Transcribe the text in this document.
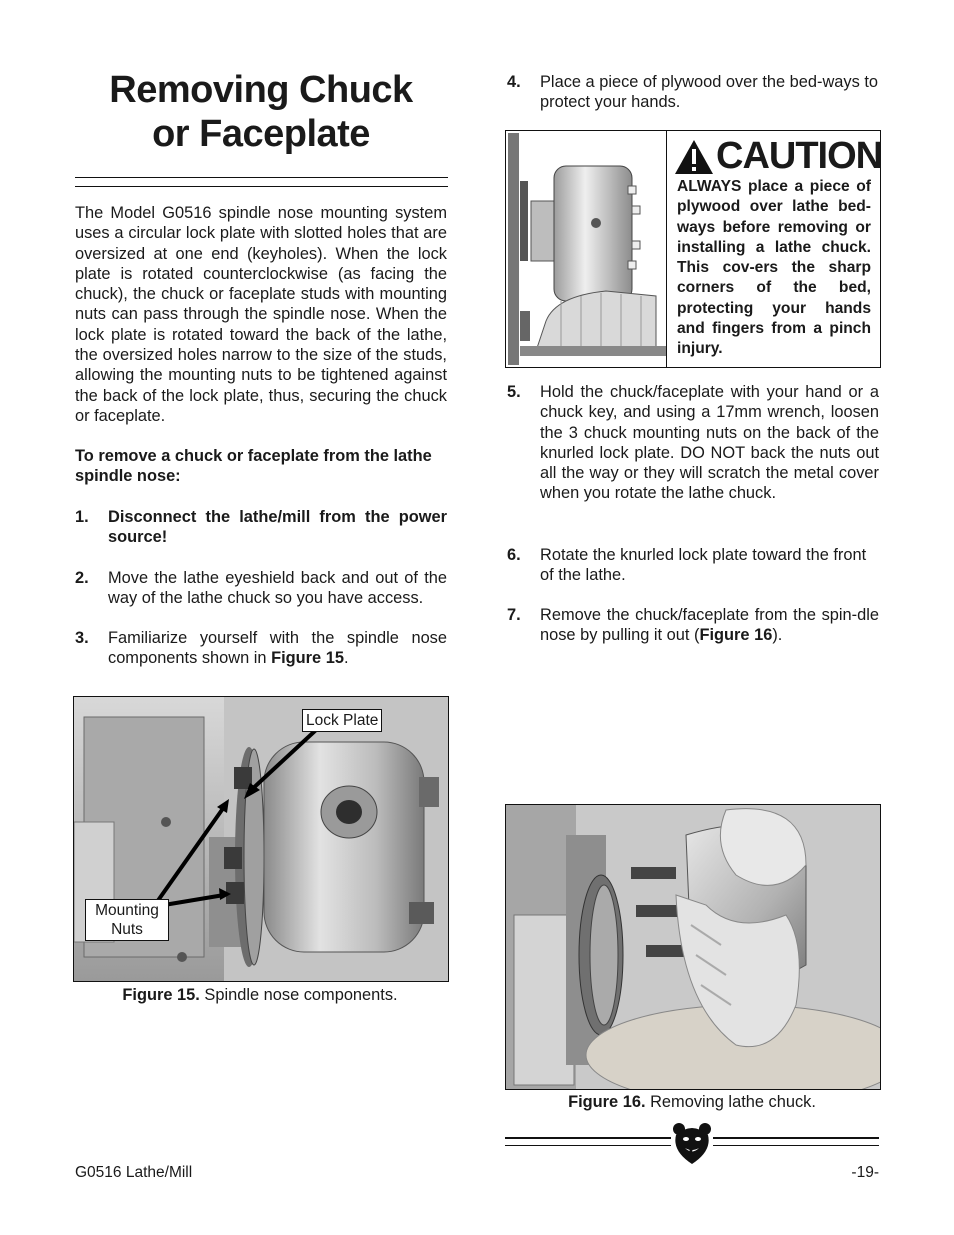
Removing Chuck
or Faceplate
The Model G0516 spindle nose mounting system uses a circular lock plate with slotted holes that are oversized at one end (keyholes). When the lock plate is rotated counterclockwise (as facing the chuck), the chuck or faceplate studs with mounting nuts can pass through the spindle nose. When the lock plate is rotated toward the back of the lathe, the oversized holes narrow to the size of the studs, allowing the mounting nuts to be tightened against the back of the lock plate, thus, securing the chuck or faceplate.
To remove a chuck or faceplate from the lathe spindle nose:
1. Disconnect the lathe/mill from the power source!
2. Move the lathe eyeshield back and out of the way of the lathe chuck so you have access.
3. Familiarize yourself with the spindle nose components shown in Figure 15.
Lock Plate
Mounting
Nuts
Figure 15. Spindle nose components.
4. Place a piece of plywood over the bed-ways to protect your hands.
CAUTION
ALWAYS place a piece of plywood over lathe bed-ways before removing or installing a lathe chuck. This cov-ers the sharp corners of the bed, protecting your hands and fingers from a pinch injury.
5. Hold the chuck/faceplate with your hand or a chuck key, and using a 17mm wrench, loosen the 3 chuck mounting nuts on the back of the knurled lock plate. DO NOT back the nuts out all the way or they will scratch the metal cover when you rotate the lathe chuck.
6. Rotate the knurled lock plate toward the front of the lathe.
7. Remove the chuck/faceplate from the spin-dle nose by pulling it out (Figure 16).
Figure 16. Removing lathe chuck.
G0516 Lathe/Mill	-19-
